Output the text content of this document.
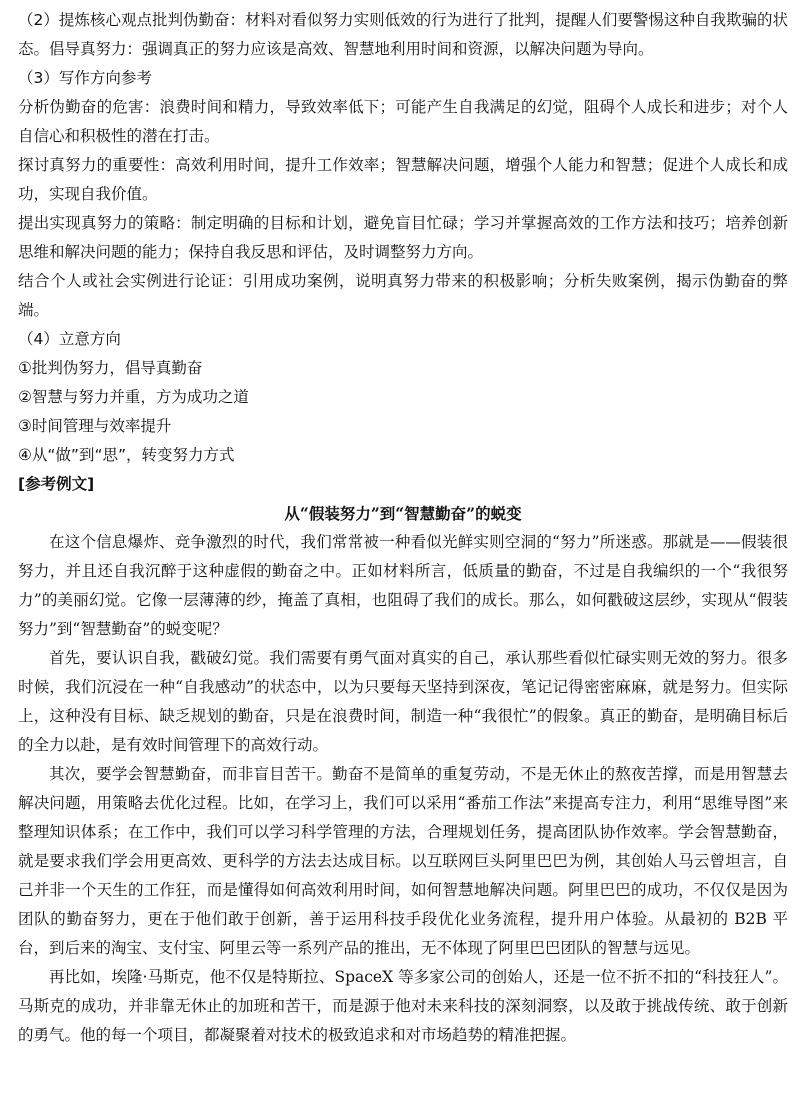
（2）提炼核心观点批判伪勤奋：材料对看似努力实则低效的行为进行了批判，提醒人们要警惕这种自我欺骗的状态。倡导真努力：强调真正的努力应该是高效、智慧地利用时间和资源，以解决问题为导向。

（3）写作方向参考

分析伪勤奋的危害：浪费时间和精力，导致效率低下；可能产生自我满足的幻觉，阻碍个人成长和进步；对个人自信心和积极性的潜在打击。

探讨真努力的重要性：高效利用时间，提升工作效率；智慧解决问题，增强个人能力和智慧；促进个人成长和成功，实现自我价值。

提出实现真努力的策略：制定明确的目标和计划，避免盲目忙碌；学习并掌握高效的工作方法和技巧；培养创新思维和解决问题的能力；保持自我反思和评估，及时调整努力方向。

结合个人或社会实例进行论证：引用成功案例，说明真努力带来的积极影响；分析失败案例，揭示伪勤奋的弊端。

（4）立意方向

①批判伪努力，倡导真勤奋

②智慧与努力并重，方为成功之道

③时间管理与效率提升

④从“做”到“思”，转变努力方式

[参考例文]

从“假装努力”到“智慧勤奋”的蜕变

在这个信息爆炸、竞争激烈的时代，我们常常被一种看似光鲜实则空洞的“努力”所迷惑。那就是——假装很努力，并且还自我沉醉于这种虚假的勤奋之中。正如材料所言，低质量的勤奋，不过是自我编织的一个“我很努力”的美丽幻觉。它像一层薄薄的纱，掩盖了真相，也阻碍了我们的成长。那么，如何戳破这层纱，实现从“假装努力”到“智慧勤奋”的蜕变呢？

首先，要认识自我，戳破幻觉。我们需要有勇气面对真实的自己，承认那些看似忙碌实则无效的努力。很多时候，我们沉浸在一种“自我感动”的状态中，以为只要每天坚持到深夜，笔记记得密密麻麻，就是努力。但实际上，这种没有目标、缺乏规划的勤奋，只是在浪费时间，制造一种“我很忙”的假象。真正的勤奋，是明确目标后的全力以赴，是有效时间管理下的高效行动。

其次，要学会智慧勤奋，而非盲目苦干。勤奋不是简单的重复劳动，不是无休止的熬夜苦撑，而是用智慧去解决问题，用策略去优化过程。比如，在学习上，我们可以采用“番茄工作法”来提高专注力，利用“思维导图”来整理知识体系；在工作中，我们可以学习科学管理的方法，合理规划任务，提高团队协作效率。学会智慧勤奋，就是要求我们学会用更高效、更科学的方法去达成目标。以互联网巨头阿里巴巴为例，其创始人马云曾坦言，自己并非一个天生的工作狂，而是懂得如何高效利用时间，如何智慧地解决问题。阿里巴巴的成功，不仅仅是因为团队的勤奋努力，更在于他们敢于创新，善于运用科技手段优化业务流程，提升用户体验。从最初的 B2B 平台，到后来的淘宝、支付宝、阿里云等一系列产品的推出，无不体现了阿里巴巴团队的智慧与远见。

再比如，埃隆·马斯克，他不仅是特斯拉、SpaceX 等多家公司的创始人，还是一位不折不扣的“科技狂人”。马斯克的成功，并非靠无休止的加班和苦干，而是源于他对未来科技的深刻洞察，以及敢于挑战传统、敢于创新的勇气。他的每一个项目，都凝聚着对技术的极致追求和对市场趋势的精准把握。
